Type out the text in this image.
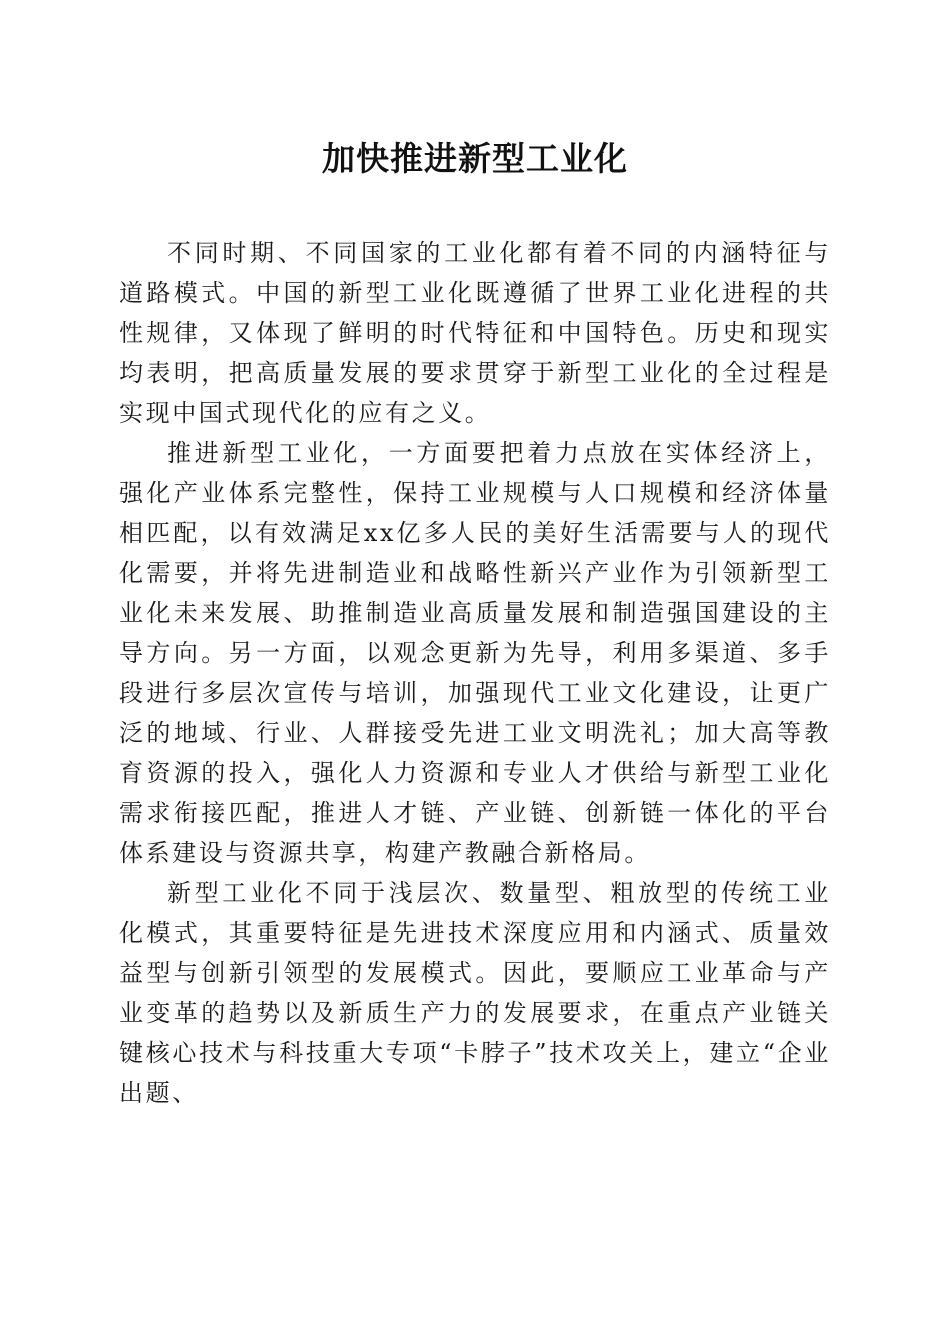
加快推进新型工业化

不同时期、不同国家的工业化都有着不同的内涵特征与道路模式。中国的新型工业化既遵循了世界工业化进程的共性规律，又体现了鲜明的时代特征和中国特色。历史和现实均表明，把高质量发展的要求贯穿于新型工业化的全过程是实现中国式现代化的应有之义。

推进新型工业化，一方面要把着力点放在实体经济上，强化产业体系完整性，保持工业规模与人口规模和经济体量相匹配，以有效满足xx亿多人民的美好生活需要与人的现代化需要，并将先进制造业和战略性新兴产业作为引领新型工业化未来发展、助推制造业高质量发展和制造强国建设的主导方向。另一方面，以观念更新为先导，利用多渠道、多手段进行多层次宣传与培训，加强现代工业文化建设，让更广泛的地域、行业、人群接受先进工业文明洗礼；加大高等教育资源的投入，强化人力资源和专业人才供给与新型工业化需求衔接匹配，推进人才链、产业链、创新链一体化的平台体系建设与资源共享，构建产教融合新格局。

新型工业化不同于浅层次、数量型、粗放型的传统工业化模式，其重要特征是先进技术深度应用和内涵式、质量效益型与创新引领型的发展模式。因此，要顺应工业革命与产业变革的趋势以及新质生产力的发展要求，在重点产业链关键核心技术与科技重大专项“卡脖子”技术攻关上，建立“企业出题、
